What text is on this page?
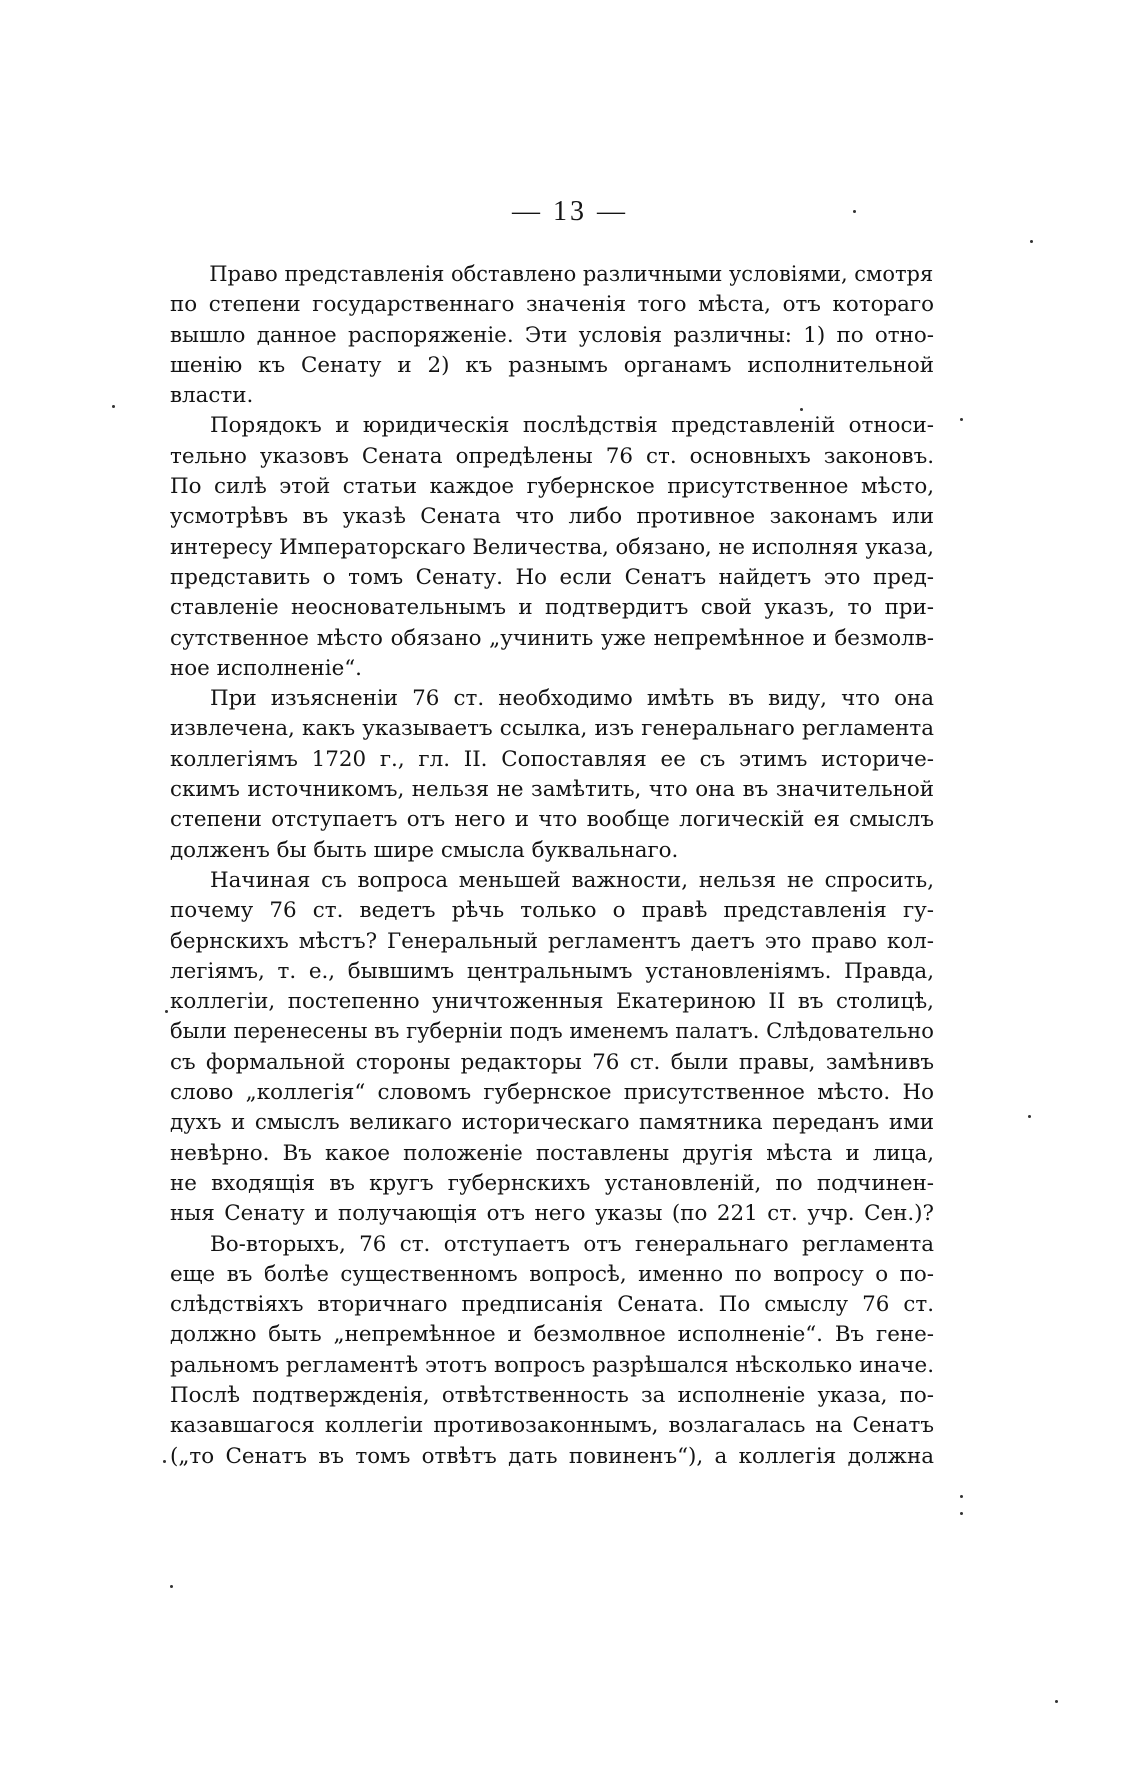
— 13 —
Право представленія обставлено различными условіями, смотря
по степени государственнаго значенія того мѣста, отъ котораго
вышло данное распоряженіе. Эти условія различны: 1) по отно-
шенію къ Сенату и 2) къ разнымъ органамъ исполнительной
власти.
Порядокъ и юридическія послѣдствія представленій относи-
тельно указовъ Сената опредѣлены 76 ст. основныхъ законовъ.
По силѣ этой статьи каждое губернское присутственное мѣсто,
усмотрѣвъ въ указѣ Сената что либо противное законамъ или
интересу Императорскаго Величества, обязано, не исполняя указа,
представить о томъ Сенату. Но если Сенатъ найдетъ это пред-
ставленіе неосновательнымъ и подтвердитъ свой указъ, то при-
сутственное мѣсто обязано „учинить уже непремѣнное и безмолв-
ное исполненіе“.
При изъясненіи 76 ст. необходимо имѣть въ виду, что она
извлечена, какъ указываетъ ссылка, изъ генеральнаго регламента
коллегіямъ 1720 г., гл. II. Сопоставляя ее съ этимъ историче-
скимъ источникомъ, нельзя не замѣтить, что она въ значительной
степени отступаетъ отъ него и что вообще логическій ея смыслъ
долженъ бы быть шире смысла буквальнаго.
Начиная съ вопроса меньшей важности, нельзя не спросить,
почему 76 ст. ведетъ рѣчь только о правѣ представленія гу-
бернскихъ мѣстъ? Генеральный регламентъ даетъ это право кол-
легіямъ, т. е., бывшимъ центральнымъ установленіямъ. Правда,
коллегіи, постепенно уничтоженныя Екатериною II въ столицѣ,
были перенесены въ губерніи подъ именемъ палатъ. Слѣдовательно
съ формальной стороны редакторы 76 ст. были правы, замѣнивъ
слово „коллегія“ словомъ губернское присутственное мѣсто. Но
духъ и смыслъ великаго историческаго памятника переданъ ими
невѣрно. Въ какое положеніе поставлены другія мѣста и лица,
не входящія въ кругъ губернскихъ установленій, по подчинен-
ныя Сенату и получающія отъ него указы (по 221 ст. учр. Сен.)?
Во-вторыхъ, 76 ст. отступаетъ отъ генеральнаго регламента
еще въ болѣе существенномъ вопросѣ, именно по вопросу о по-
слѣдствіяхъ вторичнаго предписанія Сената. По смыслу 76 ст.
должно быть „непремѣнное и безмолвное исполненіе“. Въ гене-
ральномъ регламентѣ этотъ вопросъ разрѣшался нѣсколько иначе.
Послѣ подтвержденія, отвѣтственность за исполненіе указа, по-
казавшагося коллегіи противозаконнымъ, возлагалась на Сенатъ
(„то Сенатъ въ томъ отвѣтъ дать повиненъ“), а коллегія должна
